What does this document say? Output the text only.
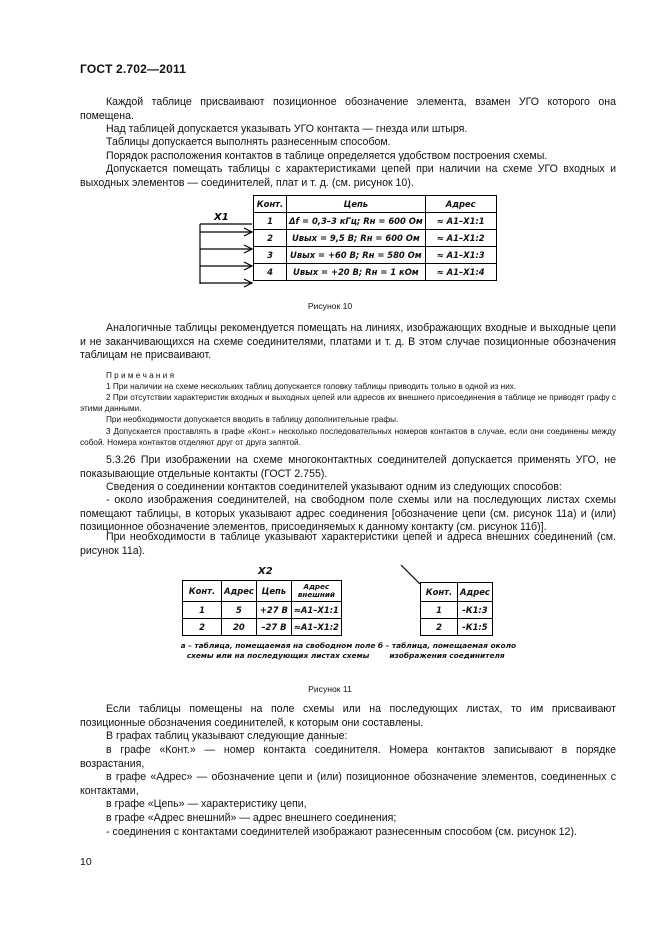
ГОСТ 2.702—2011
Каждой таблице присваивают позиционное обозначение элемента, взамен УГО которого она помещена.
Над таблицей допускается указывать УГО контакта — гнезда или штыря.
Таблицы допускается выполнять разнесенным способом.
Порядок расположения контактов в таблице определяется удобством построения схемы.
Допускается помещать таблицы с характеристиками цепей при наличии на схеме УГО входных и выходных элементов — соединителей, плат и т. д. (см. рисунок 10).
X1
Конт.	Цепь	Адрес
1	Δf = 0,3–3 кГц; Rн = 600 Ом	≈ А1–X1:1
2	Uвых = 9,5 В; Rн = 600 Ом	≈ А1–X1:2
3	Uвых = +60 В; Rн = 580 Ом	≈ А1–X1:3
4	Uвых = +20 В; Rн = 1 кОм	≈ А1–X1:4
Рисунок 10
Аналогичные таблицы рекомендуется помещать на линиях, изображающих входные и выходные цепи и не заканчивающихся на схеме соединителями, платами и т. д. В этом случае позиционные обозначения таблицам не присваивают.
П р и м е ч а н и я
1 При наличии на схеме нескольких таблиц допускается головку таблицы приводить только в одной из них.
2 При отсутствии характеристик входных и выходных цепей или адресов их внешнего присоединения в таблице не приводят графу с этими данными.
При необходимости допускается вводить в таблицу дополнительные графы.
3 Допускается проставлять в графе «Конт.» несколько последовательных номеров контактов в случае, если они соединены между собой. Номера контактов отделяют друг от друга запятой.
5.3.26 При изображении на схеме многоконтактных соединителей допускается применять УГО, не показывающие отдельные контакты (ГОСТ 2.755).
Сведения о соединении контактов соединителей указывают одним из следующих способов:
- около изображения соединителей, на свободном поле схемы или на последующих листах схемы помещают таблицы, в которых указывают адрес соединения [обозначение цепи (см. рисунок 11а) и (или) позиционное обозначение элементов, присоединяемых к данному контакту (см. рисунок 11б)].
При необходимости в таблице указывают характеристики цепей и адреса внешних соединений (см. рисунок 11а).
X2
Конт.	Адрес	Цепь	Адрес внешний
1	5	+27 В	≈А1–X1:1
2	20	–27 В	≈А1–X1:2
а – таблица, помещаемая на свободном поле схемы или на последующих листах схемы
Конт.	Адрес
1	-К1:3
2	-К1:5
б – таблица, помещаемая около изображения соединителя
Рисунок 11
Если таблицы помещены на поле схемы или на последующих листах, то им присваивают позиционные обозначения соединителей, к которым они составлены.
В графах таблиц указывают следующие данные:
в графе «Конт.» — номер контакта соединителя. Номера контактов записывают в порядке возрастания,
в графе «Адрес» — обозначение цепи и (или) позиционное обозначение элементов, соединенных с контактами,
в графе «Цепь» — характеристику цепи,
в графе «Адрес внешний» — адрес внешнего соединения;
- соединения с контактами соединителей изображают разнесенным способом (см. рисунок 12).
10
